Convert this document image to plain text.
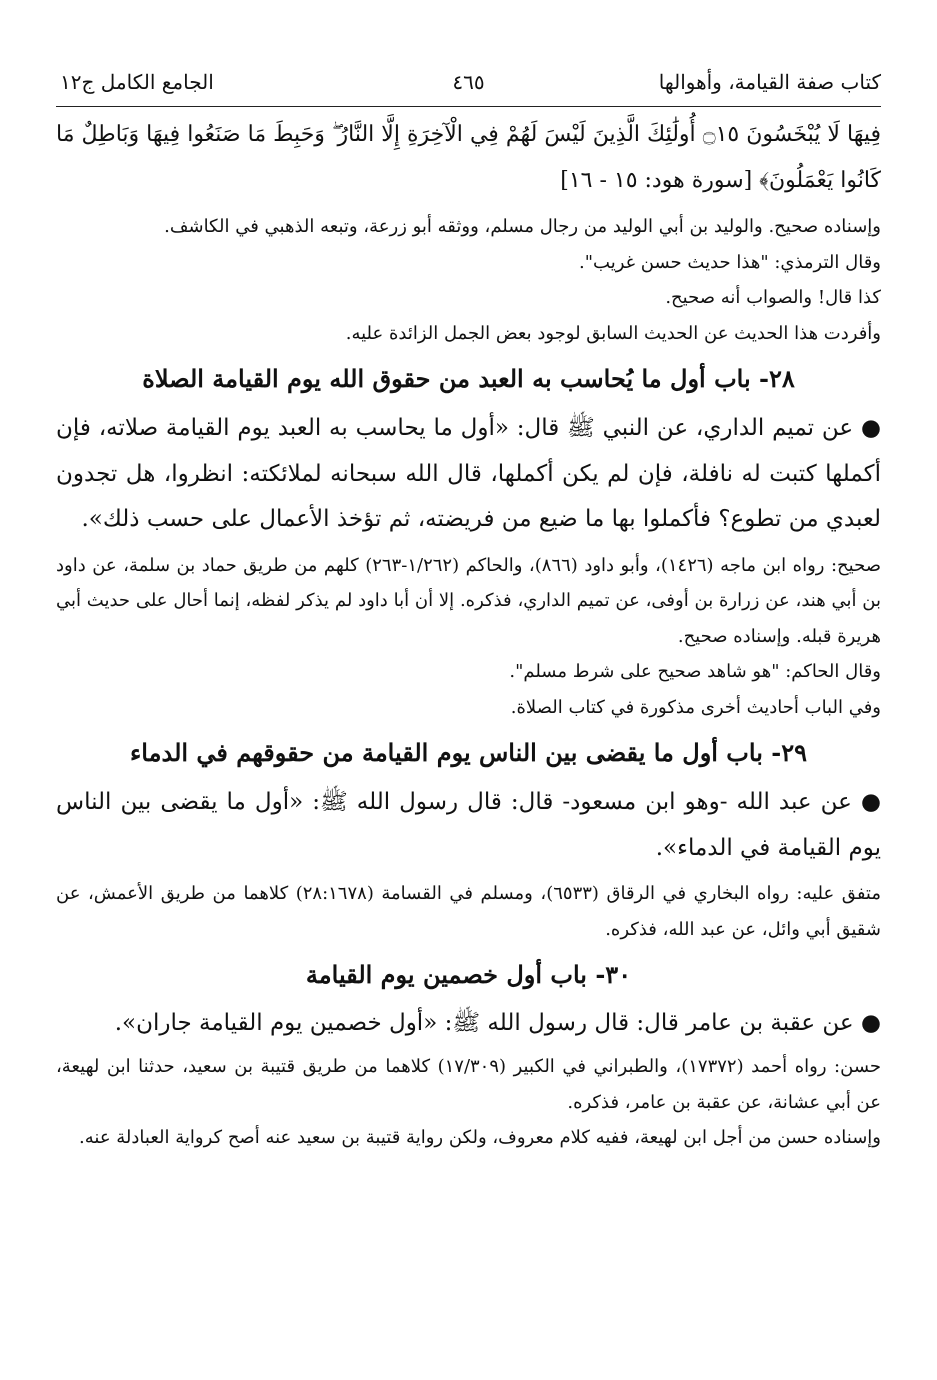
الجامع الكامل ج١٢	٤٦٥	كتاب صفة القيامة، وأهوالها

فِيهَا لَا يُبْخَسُونَ ۝١٥ أُولَٰئِكَ الَّذِينَ لَيْسَ لَهُمْ فِي الْآخِرَةِ إِلَّا النَّارُ ۖ وَحَبِطَ مَا صَنَعُوا فِيهَا وَبَاطِلٌ مَا كَانُوا يَعْمَلُونَ﴾ [سورة هود: ١٥ - ١٦]

وإسناده صحيح. والوليد بن أبي الوليد من رجال مسلم، ووثقه أبو زرعة، وتبعه الذهبي في الكاشف.

وقال الترمذي: "هذا حديث حسن غريب".

كذا قال! والصواب أنه صحيح.

وأفردت هذا الحديث عن الحديث السابق لوجود بعض الجمل الزائدة عليه.

٢٨- باب أول ما يُحاسب به العبد من حقوق الله يوم القيامة الصلاة

● عن تميم الداري، عن النبي ﷺ قال: «أول ما يحاسب به العبد يوم القيامة صلاته، فإن أكملها كتبت له نافلة، فإن لم يكن أكملها، قال الله سبحانه لملائكته: انظروا، هل تجدون لعبدي من تطوع؟ فأكملوا بها ما ضيع من فريضته، ثم تؤخذ الأعمال على حسب ذلك».

صحيح: رواه ابن ماجه (١٤٢٦)، وأبو داود (٨٦٦)، والحاكم (١/٢٦٢-٢٦٣) كلهم من طريق حماد بن سلمة، عن داود بن أبي هند، عن زرارة بن أوفى، عن تميم الداري، فذكره. إلا أن أبا داود لم يذكر لفظه، إنما أحال على حديث أبي هريرة قبله. وإسناده صحيح.

وقال الحاكم: "هو شاهد صحيح على شرط مسلم".

وفي الباب أحاديث أخرى مذكورة في كتاب الصلاة.

٢٩- باب أول ما يقضى بين الناس يوم القيامة من حقوقهم في الدماء

● عن عبد الله -وهو ابن مسعود- قال: قال رسول الله ﷺ: «أول ما يقضى بين الناس يوم القيامة في الدماء».

متفق عليه: رواه البخاري في الرقاق (٦٥٣٣)، ومسلم في القسامة (٢٨:١٦٧٨) كلاهما من طريق الأعمش، عن شقيق أبي وائل، عن عبد الله، فذكره.

٣٠- باب أول خصمين يوم القيامة

● عن عقبة بن عامر قال: قال رسول الله ﷺ: «أول خصمين يوم القيامة جاران».

حسن: رواه أحمد (١٧٣٧٢)، والطبراني في الكبير (١٧/٣٠٩) كلاهما من طريق قتيبة بن سعيد، حدثنا ابن لهيعة، عن أبي عشانة، عن عقبة بن عامر، فذكره.

وإسناده حسن من أجل ابن لهيعة، ففيه كلام معروف، ولكن رواية قتيبة بن سعيد عنه أصح كرواية العبادلة عنه.
